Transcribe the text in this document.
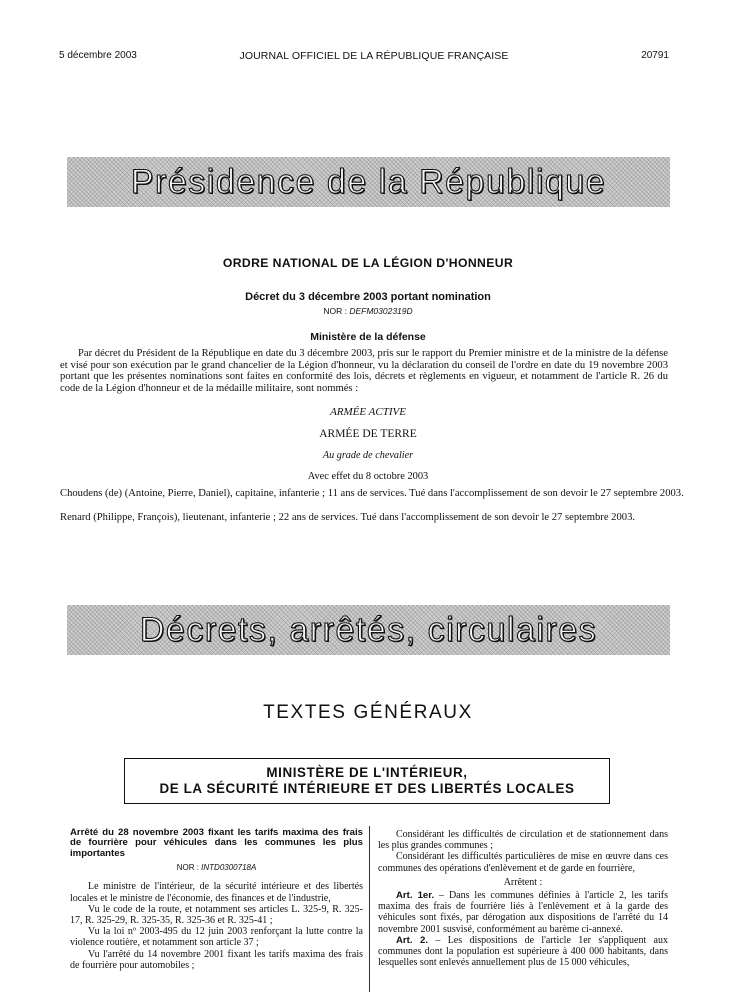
5 décembre 2003	JOURNAL OFFICIEL DE LA RÉPUBLIQUE FRANÇAISE	20791
Présidence de la République
ORDRE NATIONAL DE LA LÉGION D'HONNEUR
Décret du 3 décembre 2003 portant nomination
NOR : DEFM0302319D
Ministère de la défense
Par décret du Président de la République en date du 3 décembre 2003, pris sur le rapport du Premier ministre et de la ministre de la défense et visé pour son exécution par le grand chancelier de la Légion d'honneur, vu la déclaration du conseil de l'ordre en date du 19 novembre 2003 portant que les présentes nominations sont faites en conformité des lois, décrets et règlements en vigueur, et notamment de l'article R. 26 du code de la Légion d'honneur et de la médaille militaire, sont nommés :
ARMÉE ACTIVE
ARMÉE DE TERRE
Au grade de chevalier
Avec effet du 8 octobre 2003
Choudens (de) (Antoine, Pierre, Daniel), capitaine, infanterie ; 11 ans de services. Tué dans l'accomplissement de son devoir le 27 septembre 2003.
Renard (Philippe, François), lieutenant, infanterie ; 22 ans de services. Tué dans l'accomplissement de son devoir le 27 septembre 2003.
Décrets, arrêtés, circulaires
TEXTES GÉNÉRAUX
MINISTÈRE DE L'INTÉRIEUR,
DE LA SÉCURITÉ INTÉRIEURE ET DES LIBERTÉS LOCALES

Arrêté du 28 novembre 2003 fixant les tarifs maxima des frais de fourrière pour véhicules dans les communes les plus importantes

NOR : INTD0300718A

Le ministre de l'intérieur, de la sécurité intérieure et des libertés locales et le ministre de l'économie, des finances et de l'industrie,

Vu le code de la route, et notamment ses articles L. 325-9, R. 325-17, R. 325-29, R. 325-35, R. 325-36 et R. 325-41 ;

Vu la loi nº 2003-495 du 12 juin 2003 renforçant la lutte contre la violence routière, et notamment son article 37 ;

Vu l'arrêté du 14 novembre 2001 fixant les tarifs maxima des frais de fourrière pour automobiles ;

Considérant les difficultés de circulation et de stationnement dans les plus grandes communes ;

Considérant les difficultés particulières de mise en œuvre dans ces communes des opérations d'enlèvement et de garde en fourrière,

Arrêtent :

Art. 1er. – Dans les communes définies à l'article 2, les tarifs maxima des frais de fourrière liés à l'enlèvement et à la garde des véhicules sont fixés, par dérogation aux dispositions de l'arrêté du 14 novembre 2001 susvisé, conformément au barème ci-annexé.

Art. 2. – Les dispositions de l'article 1er s'appliquent aux communes dont la population est supérieure à 400 000 habitants, dans lesquelles sont enlevés annuellement plus de 15 000 véhicules,
